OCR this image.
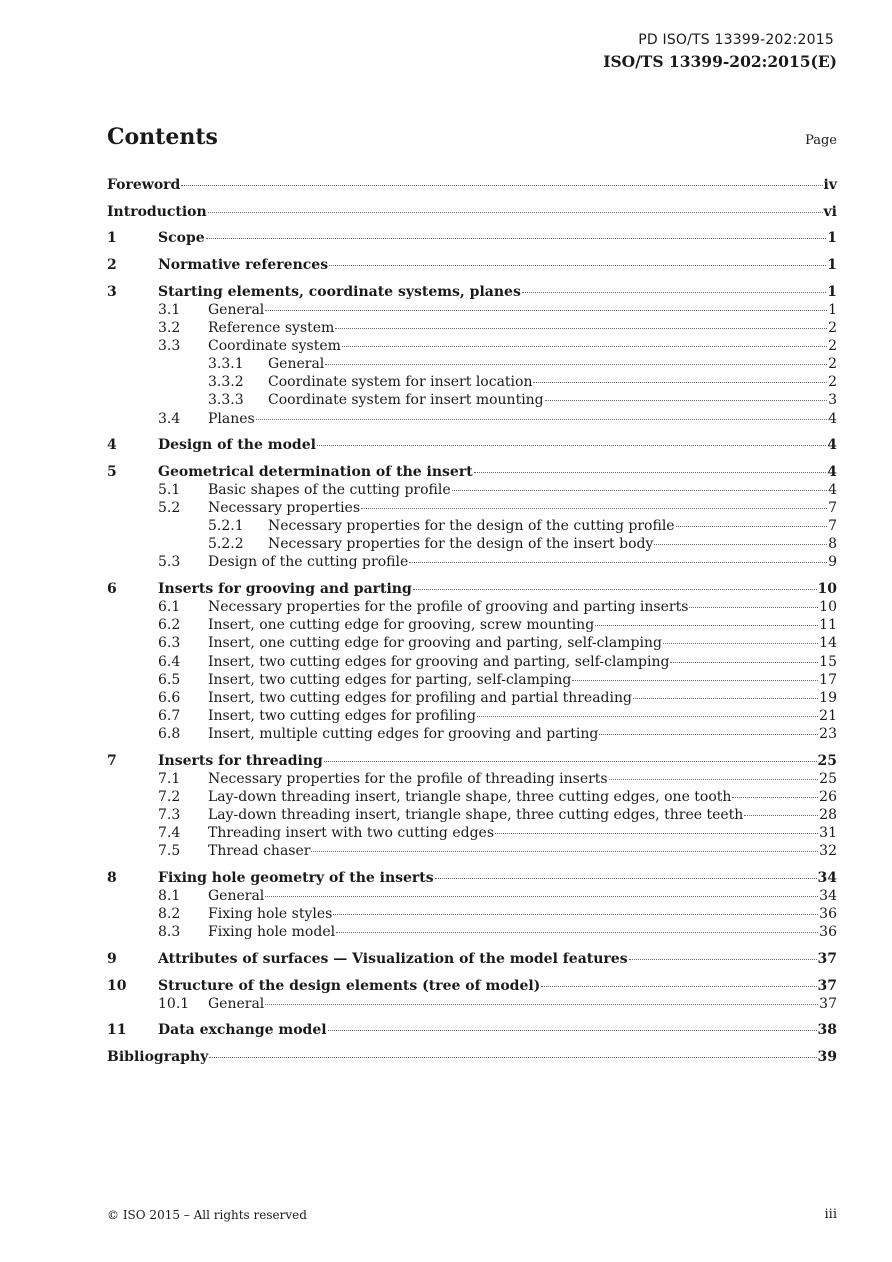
PD ISO/TS 13399-202:2015
ISO/TS 13399-202:2015(E)
Contents	Page
Foreword	iv
Introduction	vi
1	Scope	1
2	Normative references	1
3	Starting elements, coordinate systems, planes	1
3.1 General	1
3.2 Reference system	2
3.3 Coordinate system	2
3.3.1 General	2
3.3.2 Coordinate system for insert location	2
3.3.3 Coordinate system for insert mounting	3
3.4 Planes	4
4	Design of the model	4
5	Geometrical determination of the insert	4
5.1 Basic shapes of the cutting profile	4
5.2 Necessary properties	7
5.2.1 Necessary properties for the design of the cutting profile	7
5.2.2 Necessary properties for the design of the insert body	8
5.3 Design of the cutting profile	9
6	Inserts for grooving and parting	10
6.1 Necessary properties for the profile of grooving and parting inserts	10
6.2 Insert, one cutting edge for grooving, screw mounting	11
6.3 Insert, one cutting edge for grooving and parting, self-clamping	14
6.4 Insert, two cutting edges for grooving and parting, self-clamping	15
6.5 Insert, two cutting edges for parting, self-clamping	17
6.6 Insert, two cutting edges for profiling and partial threading	19
6.7 Insert, two cutting edges for profiling	21
6.8 Insert, multiple cutting edges for grooving and parting	23
7	Inserts for threading	25
7.1 Necessary properties for the profile of threading inserts	25
7.2 Lay-down threading insert, triangle shape, three cutting edges, one tooth	26
7.3 Lay-down threading insert, triangle shape, three cutting edges, three teeth	28
7.4 Threading insert with two cutting edges	31
7.5 Thread chaser	32
8	Fixing hole geometry of the inserts	34
8.1 General	34
8.2 Fixing hole styles	36
8.3 Fixing hole model	36
9	Attributes of surfaces — Visualization of the model features	37
10 Structure of the design elements (tree of model)	37
10.1 General	37
11 Data exchange model	38
Bibliography	39
© ISO 2015 – All rights reserved	iii
